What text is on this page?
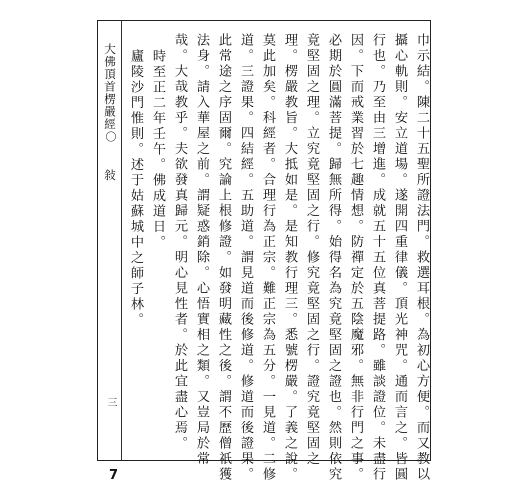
大佛頂首楞嚴經
〇
敍
三	巾示結。陳二十五聖所證法門。救選耳根。為初心方便。而又教以
攝心軌則。安立道場。遂開四重律儀。頂光神咒。通而言之。皆圓
行也。乃至由三增進。成就五十五位真菩提路。雖談證位。未盡行
因。下而戒業習於七趣情想。防禪定於五陰魔邪。無非行門之事。
必期於圓滿菩提。歸無所得。始得名為究竟堅固之證也。然則依究
竟堅固之理。立究竟堅固之行。修究竟堅固之行。證究竟堅固之
理。楞嚴教旨。大抵如是。是知教行理三。悉號楞嚴。了義之說。
莫此加矣。科經者。合理行為正宗。難正宗為五分。一見道。二修
道。三證果。四結經。五助道。謂見道而後修道。修道而後證果。
此常途之序固爾。究論上根修證。如發明藏性之後。謂不歷僧祇獲
法身。請入華屋之前。謂疑惑銷除。心悟實相之類。又豈局於常
哉。大哉教乎。夫欲發真歸元。明心見性者。於此宜盡心焉。
時至正二年壬午。佛成道日。
廬陵沙門惟則。述于姑蘇城中之師子林。
7
